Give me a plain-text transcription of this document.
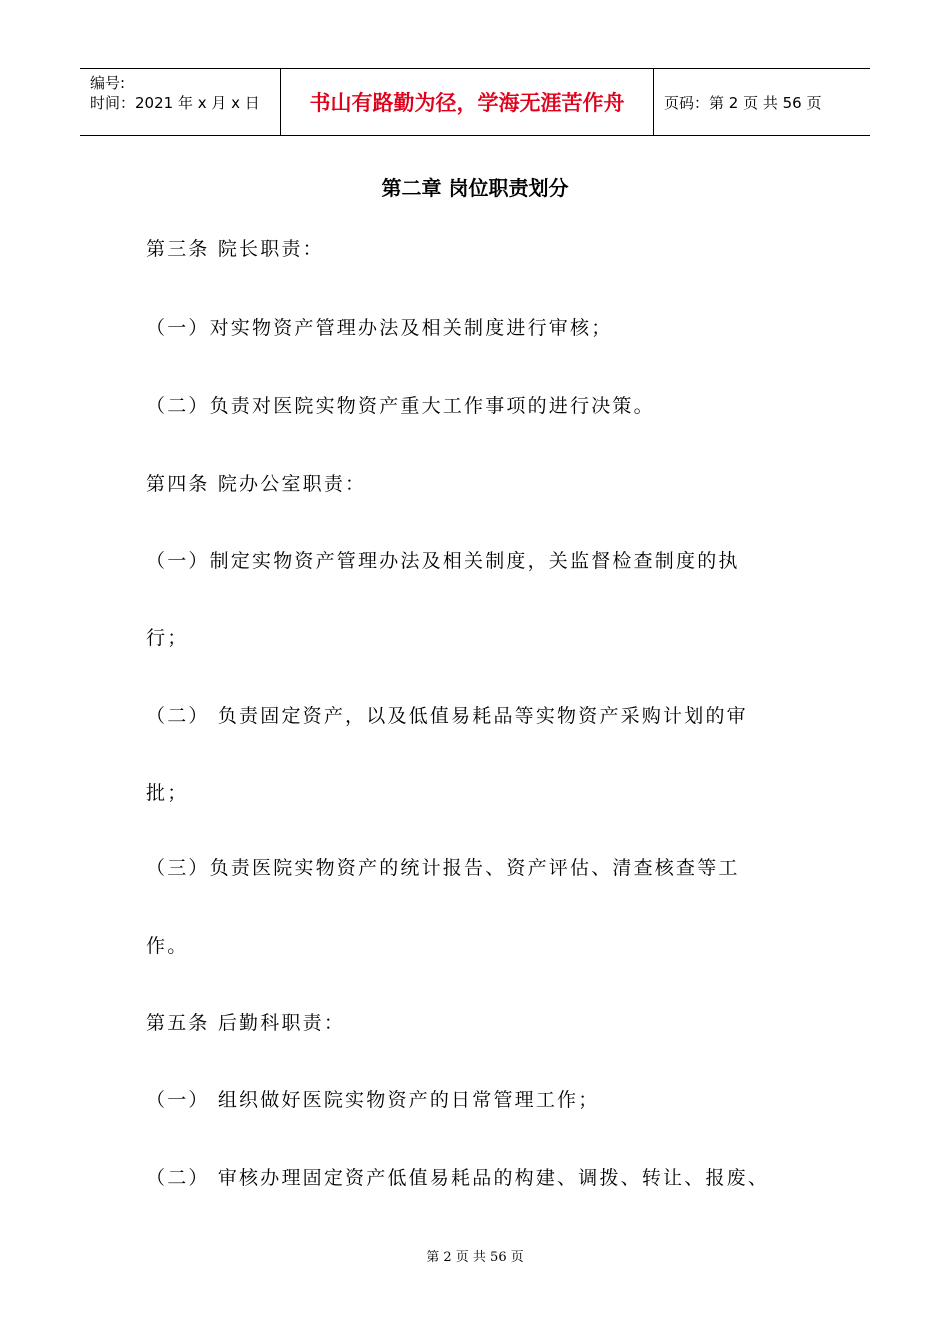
编号:
时间：2021 年 x 月 x 日	书山有路勤为径，学海无涯苦作舟	页码：第 2 页 共 56 页
第二章 岗位职责划分
第三条 院长职责：
（一）对实物资产管理办法及相关制度进行审核；
（二）负责对医院实物资产重大工作事项的进行决策。
第四条 院办公室职责：
（一）制定实物资产管理办法及相关制度，关监督检查制度的执
行；
（二） 负责固定资产，以及低值易耗品等实物资产采购计划的审
批；
（三）负责医院实物资产的统计报告、资产评估、清查核查等工
作。
第五条 后勤科职责：
（一） 组织做好医院实物资产的日常管理工作；
（二） 审核办理固定资产低值易耗品的构建、调拨、转让、报废、
第 2 页 共 56 页
